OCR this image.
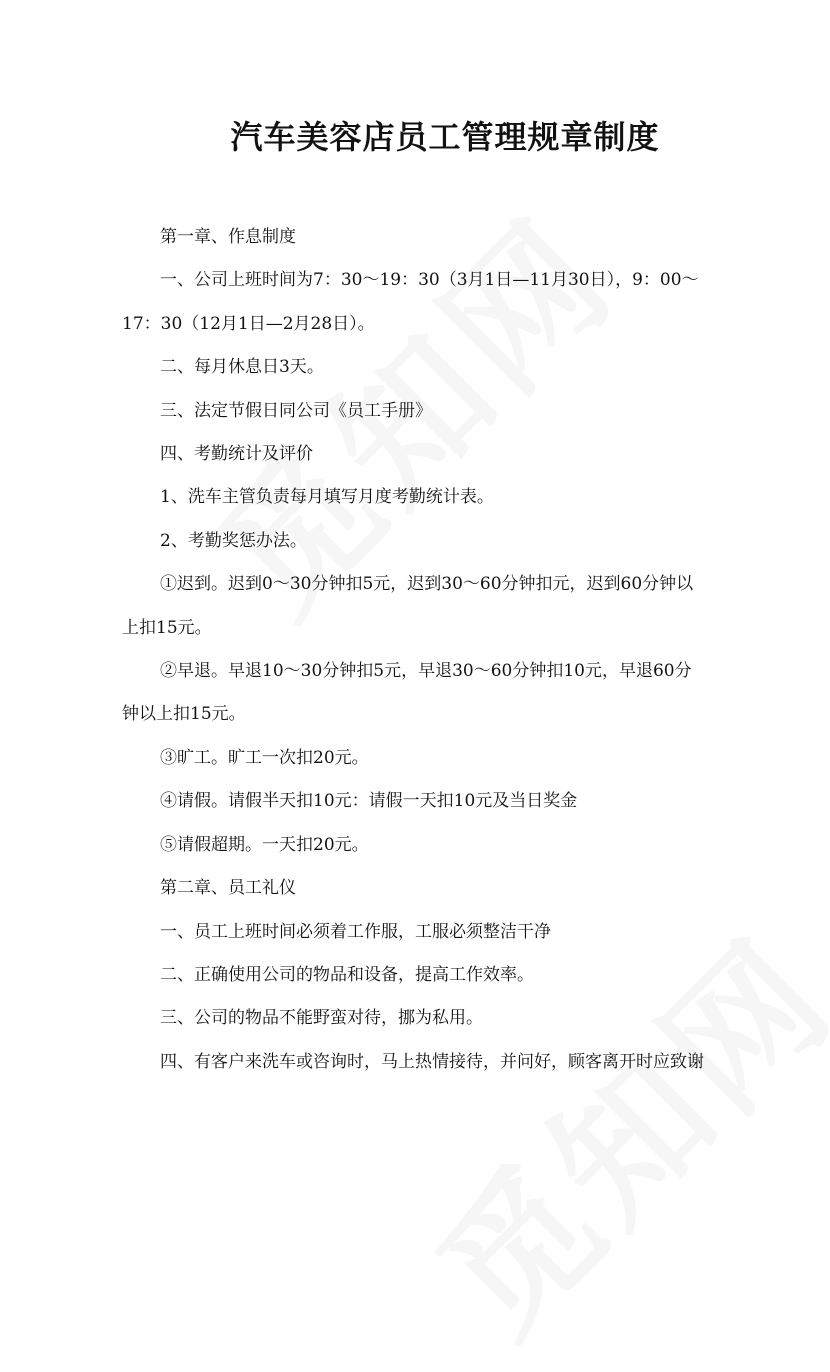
汽车美容店员工管理规章制度
第一章、作息制度
一、公司上班时间为7：30～19：30（3月1日—11月30日），9：00～
17：30（12月1日—2月28日）。
二、每月休息日3天。
三、法定节假日同公司《员工手册》
四、考勤统计及评价
1、洗车主管负责每月填写月度考勤统计表。
2、考勤奖惩办法。
①迟到。迟到0～30分钟扣5元，迟到30～60分钟扣元，迟到60分钟以
上扣15元。
②早退。早退10～30分钟扣5元，早退30～60分钟扣10元，早退60分
钟以上扣15元。
③旷工。旷工一次扣20元。
④请假。请假半天扣10元：请假一天扣10元及当日奖金
⑤请假超期。一天扣20元。
第二章、员工礼仪
一、员工上班时间必须着工作服，工服必须整洁干净
二、正确使用公司的物品和设备，提高工作效率。
三、公司的物品不能野蛮对待，挪为私用。
四、有客户来洗车或咨询时，马上热情接待，并问好，顾客离开时应致谢
